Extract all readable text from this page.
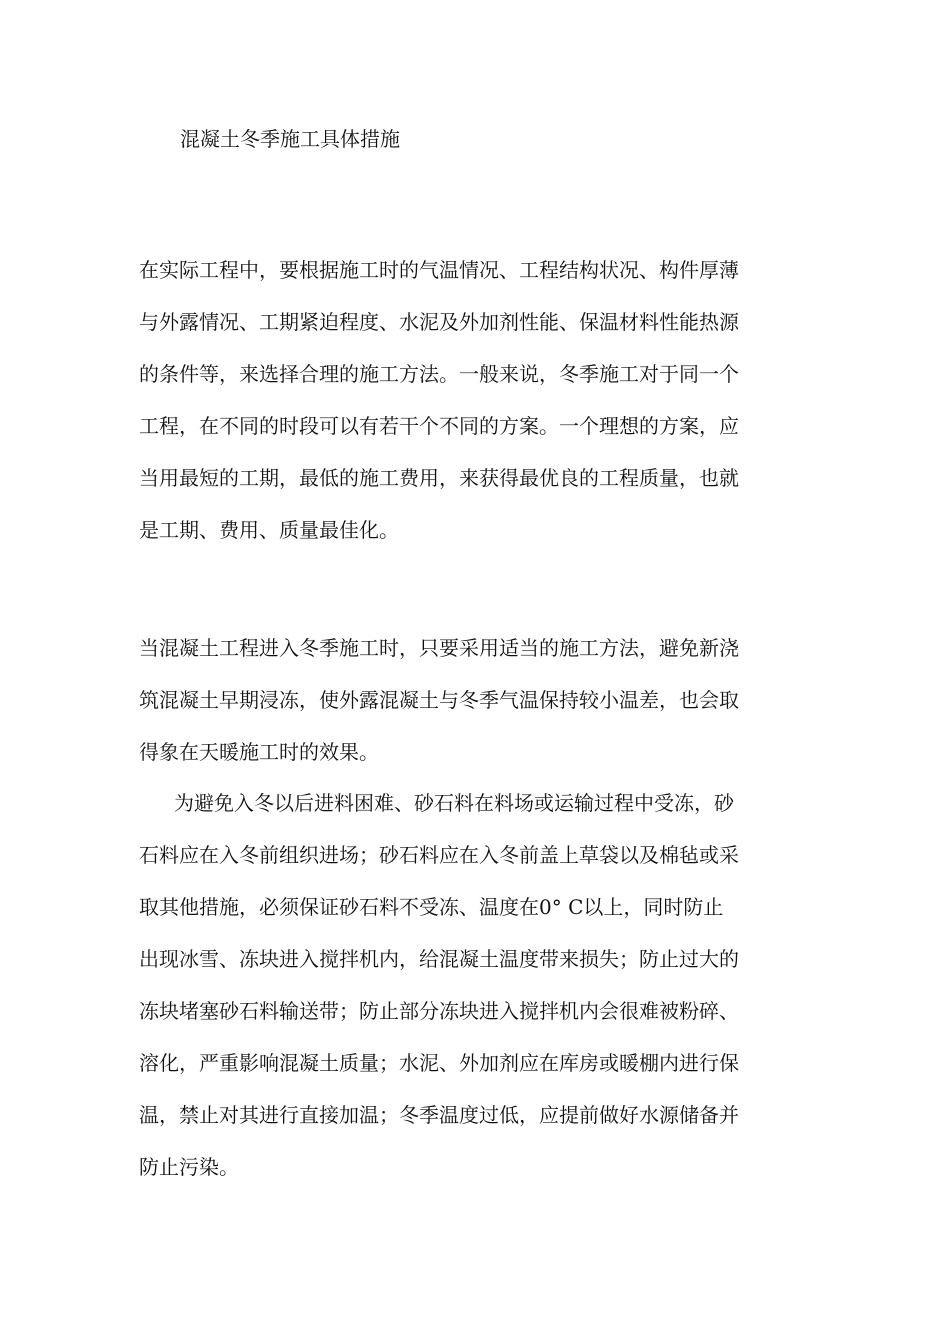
混凝土冬季施工具体措施
在实际工程中，要根据施工时的气温情况、工程结构状况、构件厚薄
与外露情况、工期紧迫程度、水泥及外加剂性能、保温材料性能热源
的条件等，来选择合理的施工方法。一般来说，冬季施工对于同一个
工程，在不同的时段可以有若干个不同的方案。一个理想的方案，应
当用最短的工期，最低的施工费用，来获得最优良的工程质量，也就
是工期、费用、质量最佳化。
当混凝土工程进入冬季施工时，只要采用适当的施工方法，避免新浇
筑混凝土早期浸冻，使外露混凝土与冬季气温保持较小温差，也会取
得象在天暖施工时的效果。
为避免入冬以后进料困难、砂石料在料场或运输过程中受冻，砂
石料应在入冬前组织进场；砂石料应在入冬前盖上草袋以及棉毡或采
取其他措施，必须保证砂石料不受冻、温度在0° C以上，同时防止
出现冰雪、冻块进入搅拌机内，给混凝土温度带来损失；防止过大的
冻块堵塞砂石料输送带；防止部分冻块进入搅拌机内会很难被粉碎、
溶化，严重影响混凝土质量；水泥、外加剂应在库房或暖棚内进行保
温，禁止对其进行直接加温；冬季温度过低，应提前做好水源储备并
防止污染。
